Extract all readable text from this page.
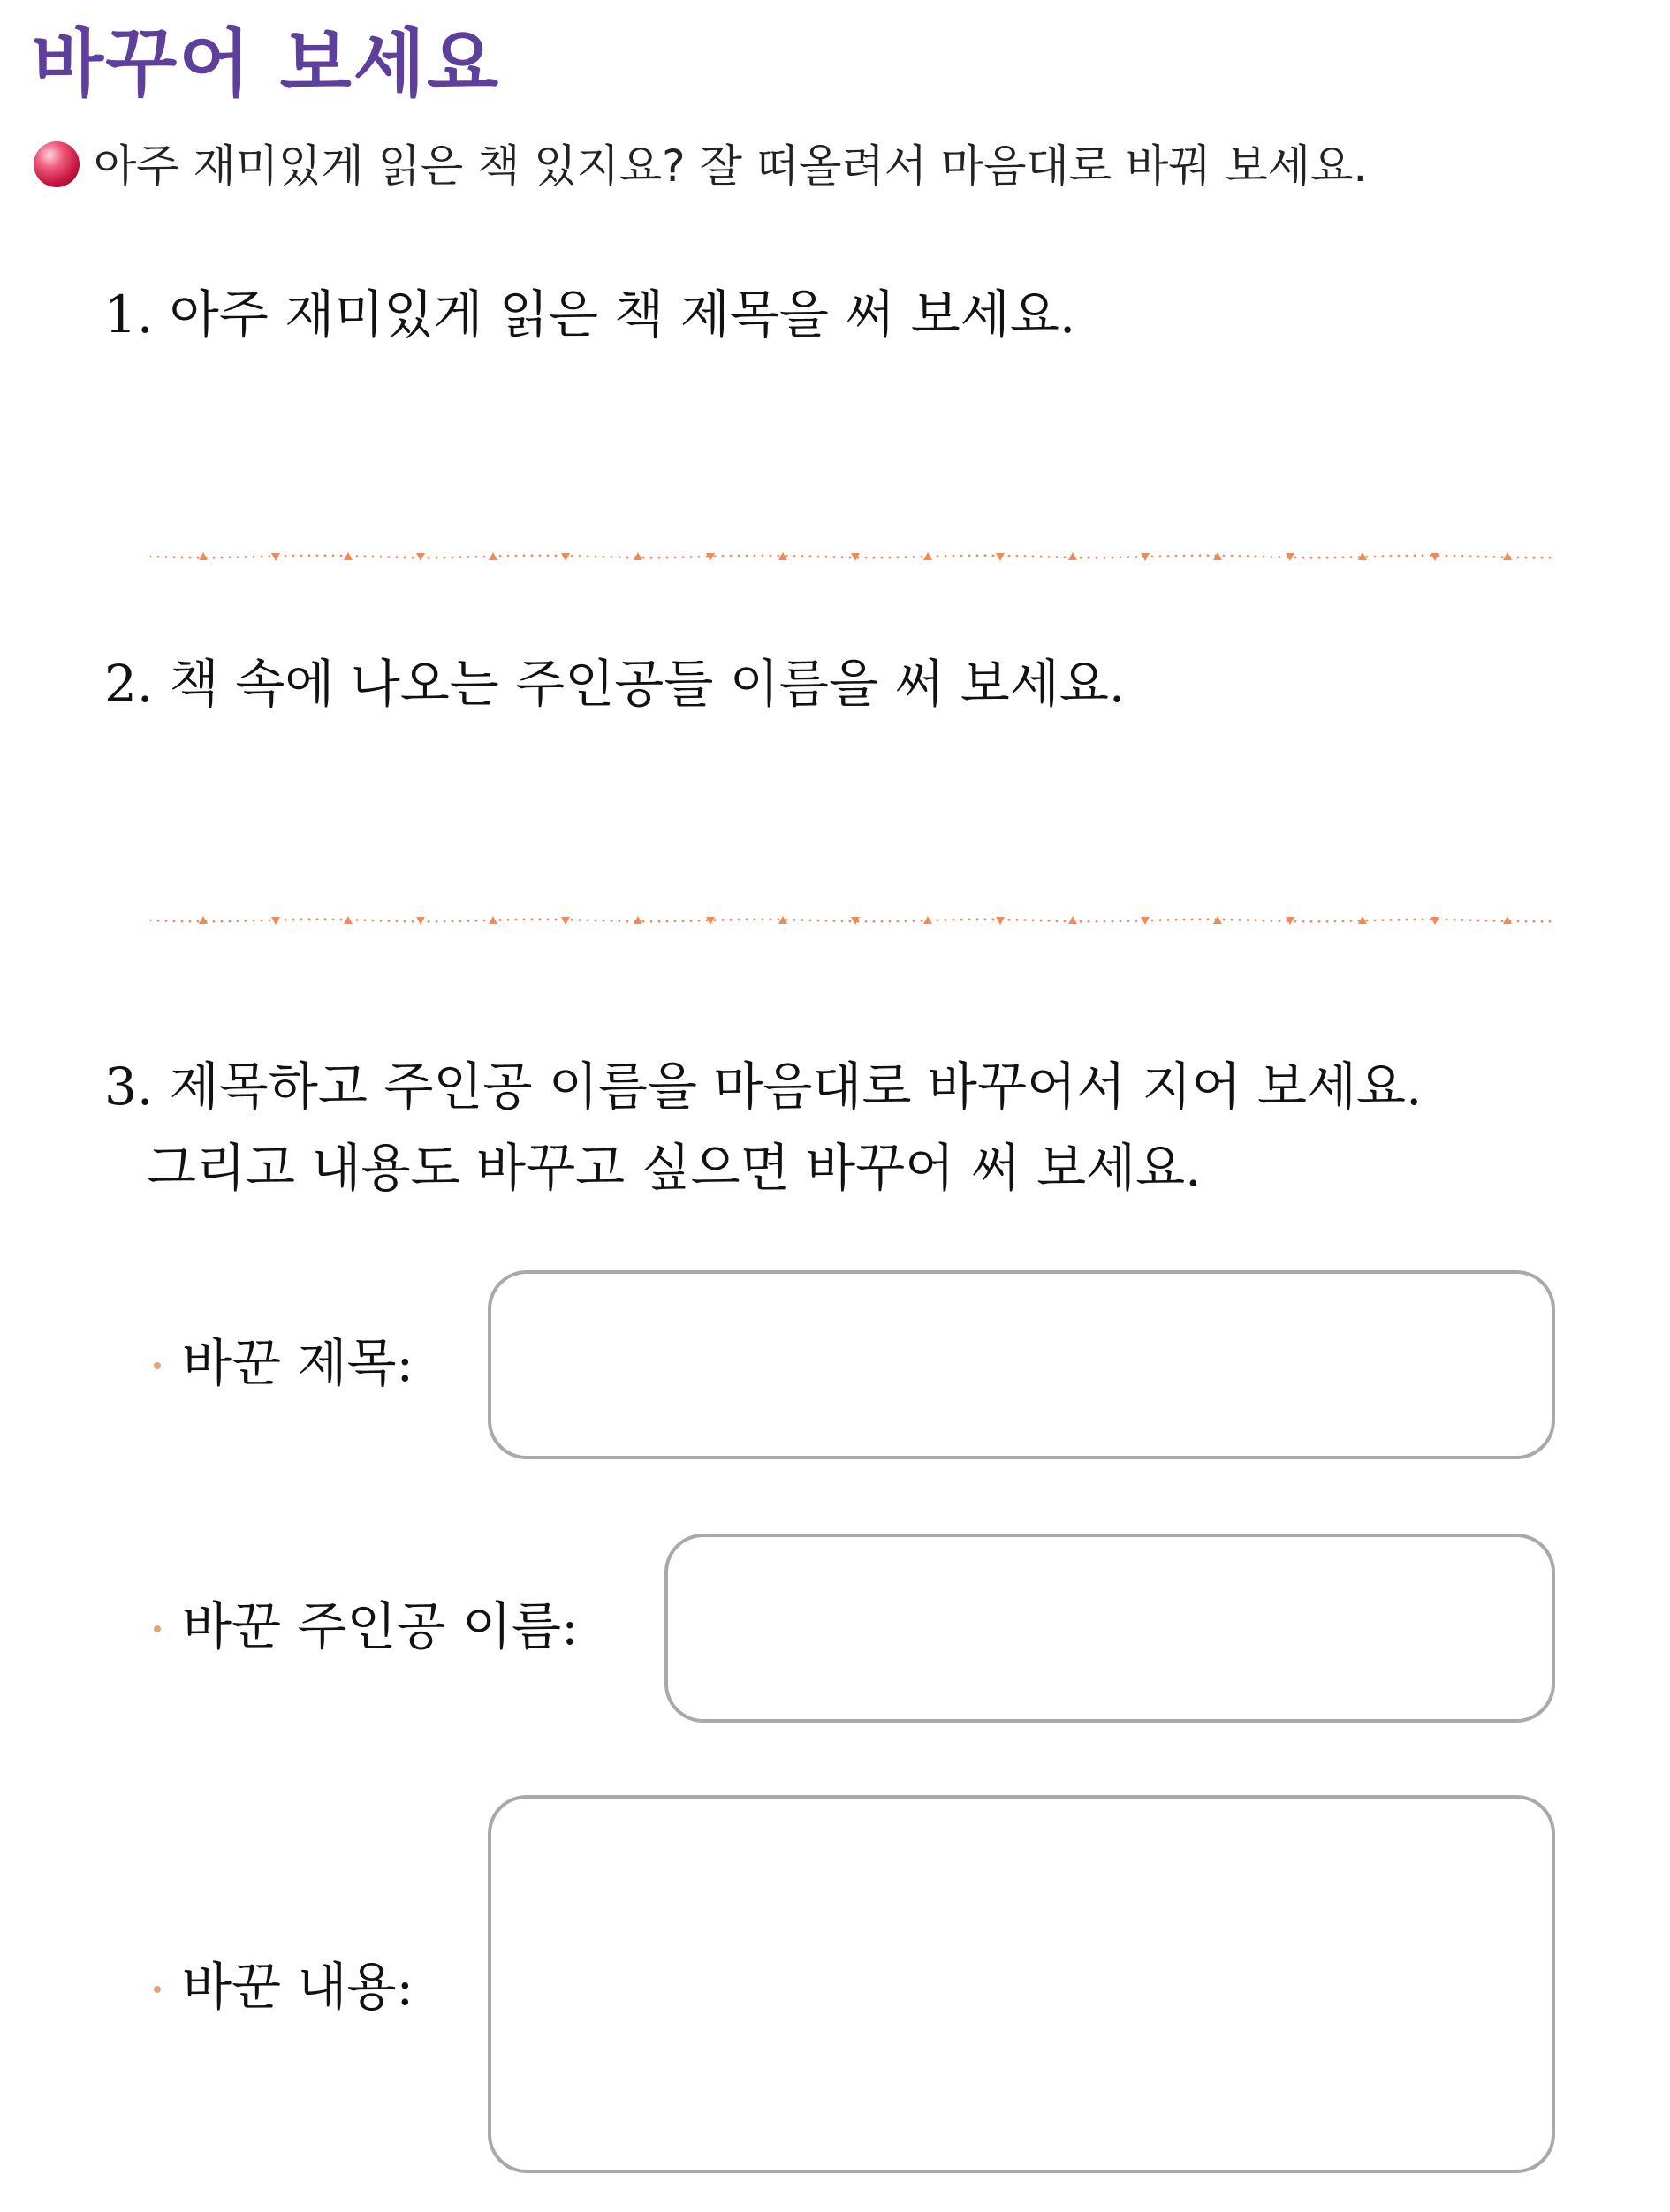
바꾸어 보세요
아주 재미있게 읽은 책 있지요? 잘 떠올려서 마음대로 바꿔 보세요.
1. 아주 재미있게 읽은 책 제목을 써 보세요.
2. 책 속에 나오는 주인공들 이름을 써 보세요.
3. 제목하고 주인공 이름을 마음대로 바꾸어서 지어 보세요.
그리고 내용도 바꾸고 싶으면 바꾸어 써 보세요.
바꾼 제목:
바꾼 주인공 이름:
바꾼 내용:
